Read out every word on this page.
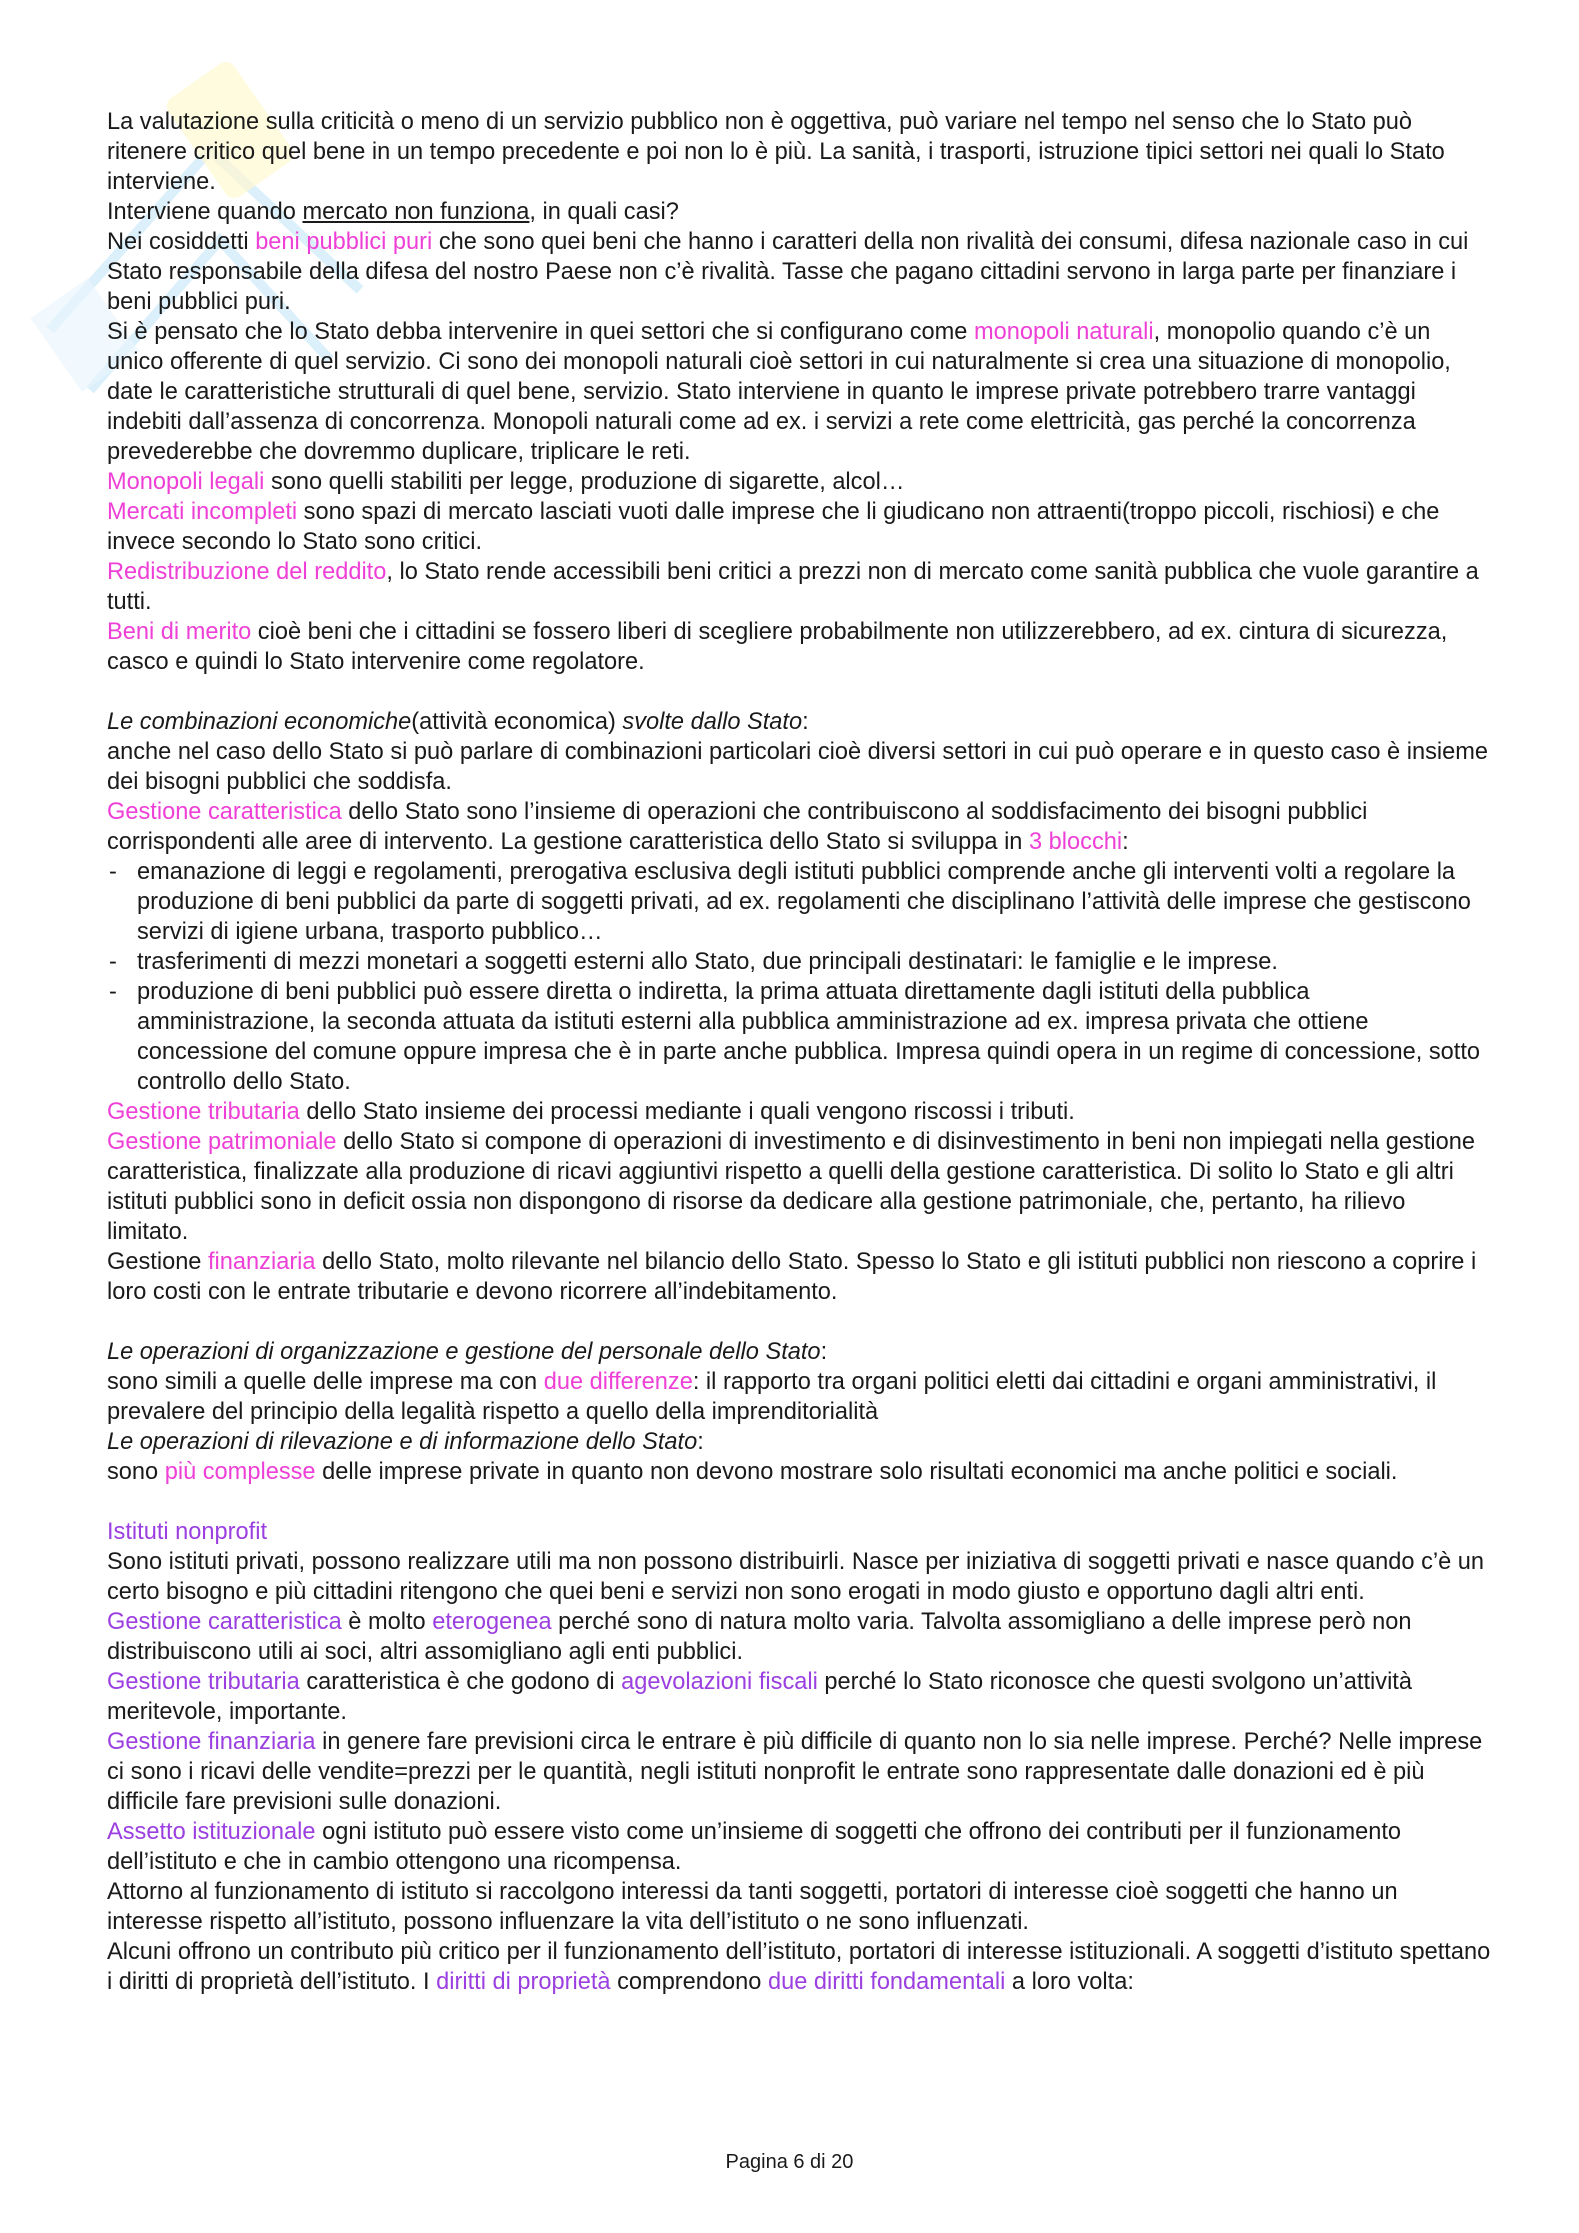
La valutazione sulla criticità o meno di un servizio pubblico non è oggettiva, può variare nel tempo nel senso che lo Stato può ritenere critico quel bene in un tempo precedente e poi non lo è più. La sanità, i trasporti, istruzione tipici settori nei quali lo Stato interviene.

Interviene quando mercato non funziona, in quali casi?

Nei cosiddetti beni pubblici puri che sono quei beni che hanno i caratteri della non rivalità dei consumi, difesa nazionale caso in cui Stato responsabile della difesa del nostro Paese non c’è rivalità. Tasse che pagano cittadini servono in larga parte per finanziare i beni pubblici puri.

Si è pensato che lo Stato debba intervenire in quei settori che si configurano come monopoli naturali, monopolio quando c’è un unico offerente di quel servizio. Ci sono dei monopoli naturali cioè settori in cui naturalmente si crea una situazione di monopolio, date le caratteristiche strutturali di quel bene, servizio. Stato interviene in quanto le imprese private potrebbero trarre vantaggi indebiti dall’assenza di concorrenza. Monopoli naturali come ad ex. i servizi a rete come elettricità, gas perché la concorrenza prevederebbe che dovremmo duplicare, triplicare le reti.

Monopoli legali sono quelli stabiliti per legge, produzione di sigarette, alcol…

Mercati incompleti sono spazi di mercato lasciati vuoti dalle imprese che li giudicano non attraenti(troppo piccoli, rischiosi) e che invece secondo lo Stato sono critici.

Redistribuzione del reddito, lo Stato rende accessibili beni critici a prezzi non di mercato come sanità pubblica che vuole garantire a tutti.

Beni di merito cioè beni che i cittadini se fossero liberi di scegliere probabilmente non utilizzerebbero, ad ex. cintura di sicurezza, casco e quindi lo Stato intervenire come regolatore.

Le combinazioni economiche(attività economica) svolte dallo Stato:

anche nel caso dello Stato si può parlare di combinazioni particolari cioè diversi settori in cui può operare e in questo caso è insieme dei bisogni pubblici che soddisfa.

Gestione caratteristica dello Stato sono l’insieme di operazioni che contribuiscono al soddisfacimento dei bisogni pubblici corrispondenti alle aree di intervento. La gestione caratteristica dello Stato si sviluppa in 3 blocchi:

- emanazione di leggi e regolamenti, prerogativa esclusiva degli istituti pubblici comprende anche gli interventi volti a regolare la produzione di beni pubblici da parte di soggetti privati, ad ex. regolamenti che disciplinano l’attività delle imprese che gestiscono servizi di igiene urbana, trasporto pubblico…
- trasferimenti di mezzi monetari a soggetti esterni allo Stato, due principali destinatari: le famiglie e le imprese.
- produzione di beni pubblici può essere diretta o indiretta, la prima attuata direttamente dagli istituti della pubblica amministrazione, la seconda attuata da istituti esterni alla pubblica amministrazione ad ex. impresa privata che ottiene concessione del comune oppure impresa che è in parte anche pubblica. Impresa quindi opera in un regime di concessione, sotto controllo dello Stato.

Gestione tributaria dello Stato insieme dei processi mediante i quali vengono riscossi i tributi.

Gestione patrimoniale dello Stato si compone di operazioni di investimento e di disinvestimento in beni non impiegati nella gestione caratteristica, finalizzate alla produzione di ricavi aggiuntivi rispetto a quelli della gestione caratteristica. Di solito lo Stato e gli altri istituti pubblici sono in deficit ossia non dispongono di risorse da dedicare alla gestione patrimoniale, che, pertanto, ha rilievo limitato.

Gestione finanziaria dello Stato, molto rilevante nel bilancio dello Stato. Spesso lo Stato e gli istituti pubblici non riescono a coprire i loro costi con le entrate tributarie e devono ricorrere all’indebitamento.

Le operazioni di organizzazione e gestione del personale dello Stato:

sono simili a quelle delle imprese ma con due differenze: il rapporto tra organi politici eletti dai cittadini e organi amministrativi, il prevalere del principio della legalità rispetto a quello della imprenditorialità

Le operazioni di rilevazione e di informazione dello Stato:

sono più complesse delle imprese private in quanto non devono mostrare solo risultati economici ma anche politici e sociali.

Istituti nonprofit

Sono istituti privati, possono realizzare utili ma non possono distribuirli. Nasce per iniziativa di soggetti privati e nasce quando c’è un certo bisogno e più cittadini ritengono che quei beni e servizi non sono erogati in modo giusto e opportuno dagli altri enti.

Gestione caratteristica è molto eterogenea perché sono di natura molto varia. Talvolta assomigliano a delle imprese però non distribuiscono utili ai soci, altri assomigliano agli enti pubblici.

Gestione tributaria caratteristica è che godono di agevolazioni fiscali perché lo Stato riconosce che questi svolgono un’attività meritevole, importante.

Gestione finanziaria in genere fare previsioni circa le entrare è più difficile di quanto non lo sia nelle imprese. Perché? Nelle imprese ci sono i ricavi delle vendite=prezzi per le quantità, negli istituti nonprofit le entrate sono rappresentate dalle donazioni ed è più difficile fare previsioni sulle donazioni.

Assetto istituzionale ogni istituto può essere visto come un’insieme di soggetti che offrono dei contributi per il funzionamento dell’istituto e che in cambio ottengono una ricompensa.

Attorno al funzionamento di istituto si raccolgono interessi da tanti soggetti, portatori di interesse cioè soggetti che hanno un interesse rispetto all’istituto, possono influenzare la vita dell’istituto o ne sono influenzati.

Alcuni offrono un contributo più critico per il funzionamento dell’istituto, portatori di interesse istituzionali. A soggetti d’istituto spettano i diritti di proprietà dell’istituto. I diritti di proprietà comprendono due diritti fondamentali a loro volta:

Pagina 6 di 20
